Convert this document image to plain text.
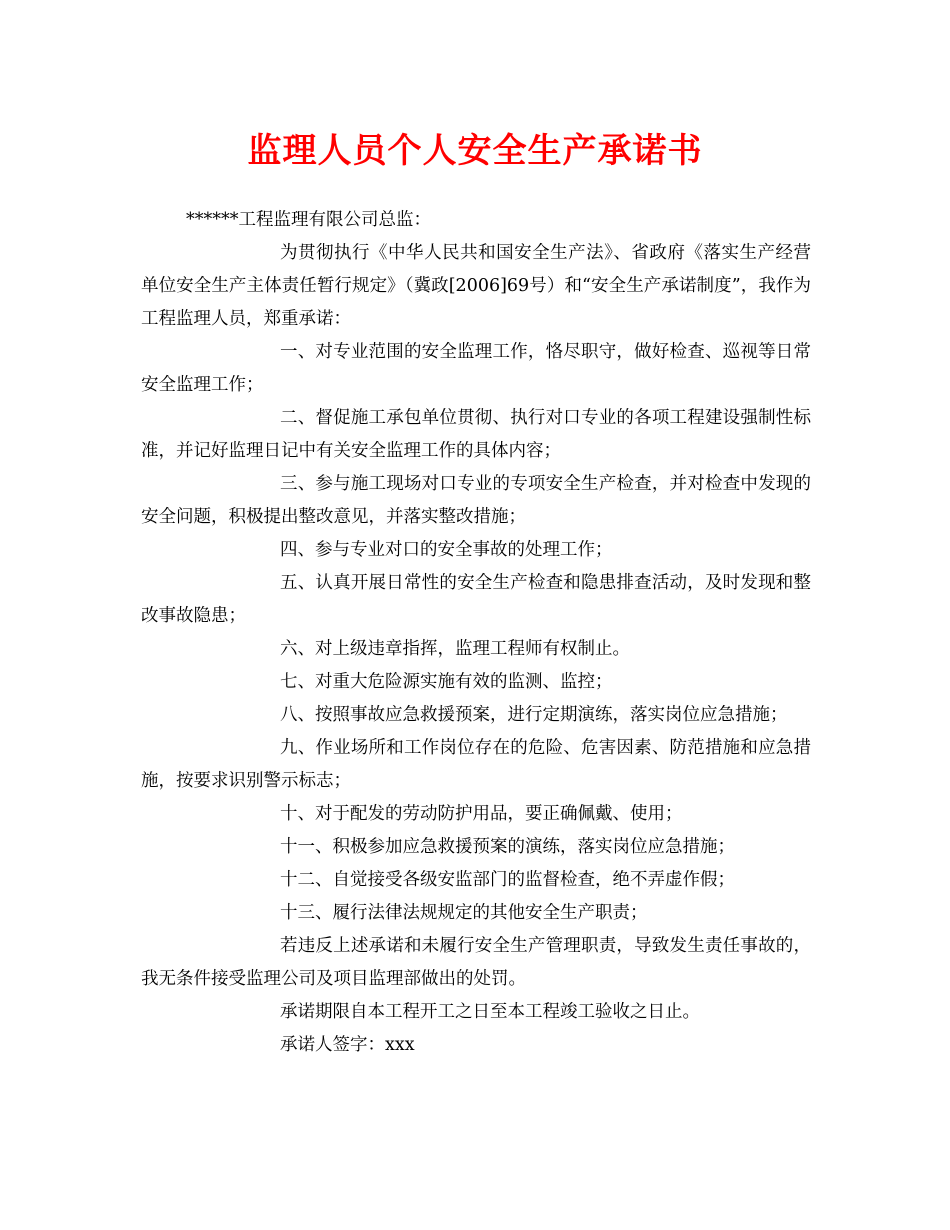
监理人员个人安全生产承诺书

******工程监理有限公司总监：

为贯彻执行《中华人民共和国安全生产法》、省政府《落实生产经营单位安全生产主体责任暂行规定》（冀政[2006]69号）和“安全生产承诺制度”，我作为工程监理人员，郑重承诺：

一、对专业范围的安全监理工作，恪尽职守，做好检查、巡视等日常安全监理工作；

二、督促施工承包单位贯彻、执行对口专业的各项工程建设强制性标准，并记好监理日记中有关安全监理工作的具体内容；

三、参与施工现场对口专业的专项安全生产检查，并对检查中发现的安全问题，积极提出整改意见，并落实整改措施；

四、参与专业对口的安全事故的处理工作；

五、认真开展日常性的安全生产检查和隐患排查活动，及时发现和整改事故隐患；

六、对上级违章指挥，监理工程师有权制止。

七、对重大危险源实施有效的监测、监控；

八、按照事故应急救援预案，进行定期演练，落实岗位应急措施；

九、作业场所和工作岗位存在的危险、危害因素、防范措施和应急措施，按要求识别警示标志；

十、对于配发的劳动防护用品，要正确佩戴、使用；

十一、积极参加应急救援预案的演练，落实岗位应急措施；

十二、自觉接受各级安监部门的监督检查，绝不弄虚作假；

十三、履行法律法规规定的其他安全生产职责；

若违反上述承诺和未履行安全生产管理职责，导致发生责任事故的，我无条件接受监理公司及项目监理部做出的处罚。

承诺期限自本工程开工之日至本工程竣工验收之日止。

承诺人签字：xxx
